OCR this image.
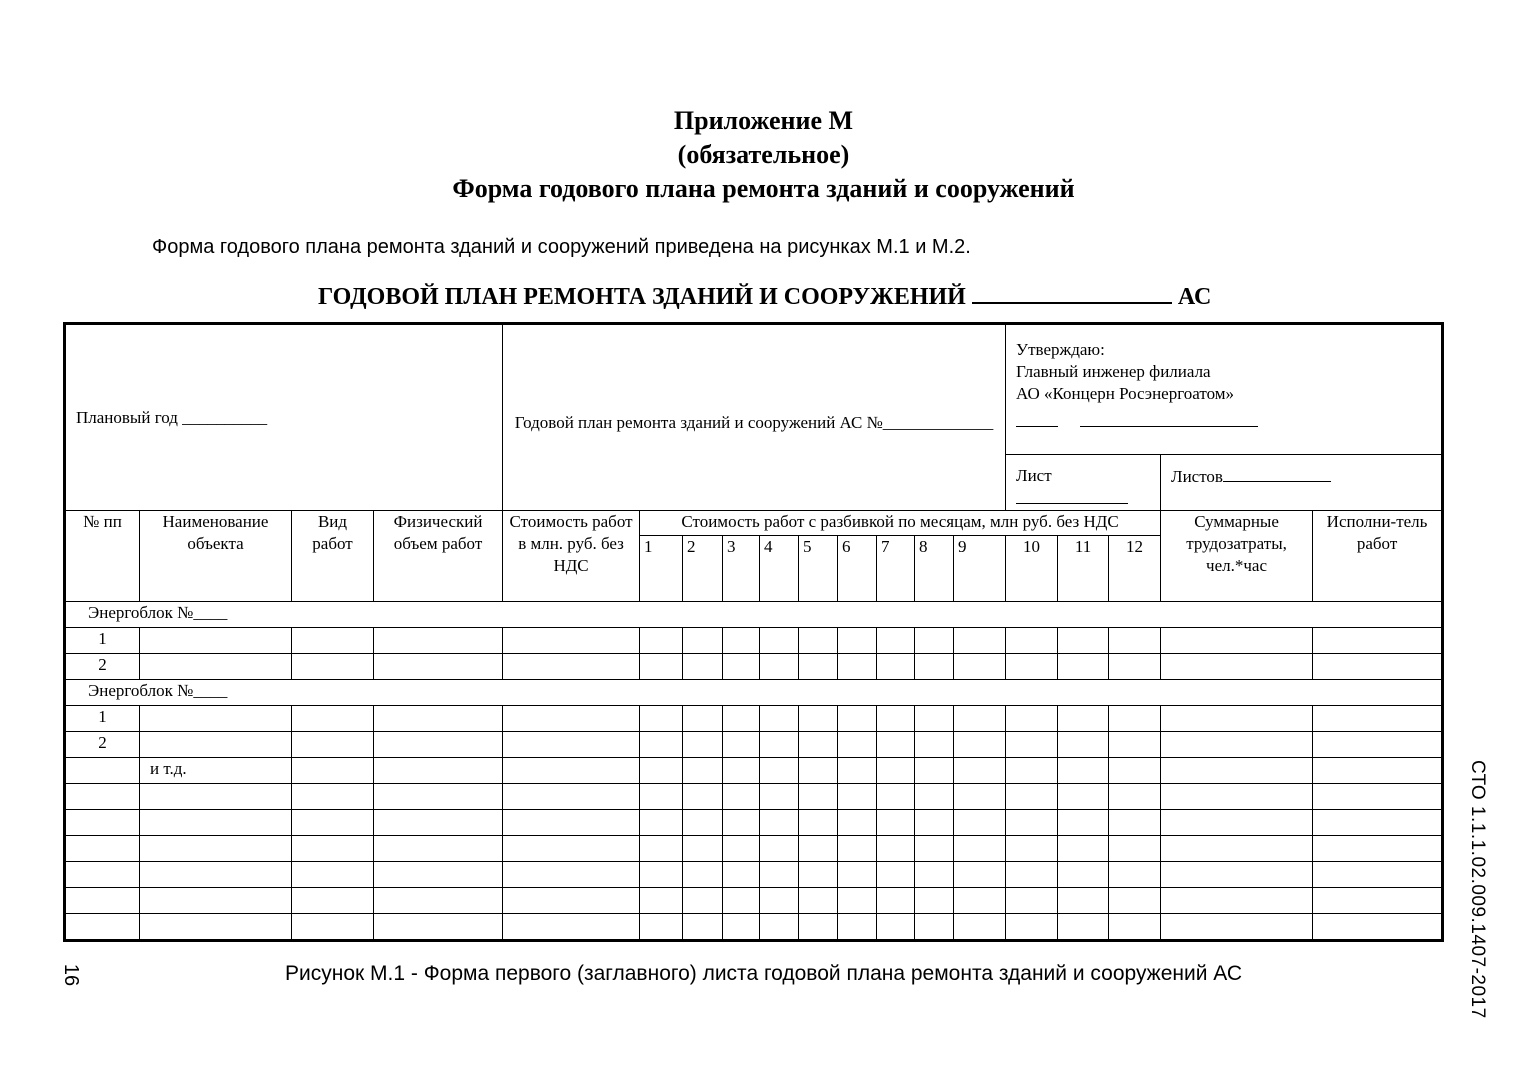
Приложение М
(обязательное)
Форма годового плана ремонта зданий и сооружений
Форма годового плана ремонта зданий и сооружений приведена на рисунках М.1 и М.2.
ГОДОВОЙ ПЛАН РЕМОНТА ЗДАНИЙ И СООРУЖЕНИЙ	АС
Плановый год __________				Годовой план ремонта зданий и сооружений АС №_____________										Утверждаю:
Главный инженер филиала
АО «Концерн Росэнергоатом»				

														Лист			Листов	
№ пп	Наименование объекта	Вид работ	Физический объем работ	Стоимость работ в млн. руб. без НДС	Стоимость работ с разбивкой по месяцам, млн руб. без НДС												Суммарные трудозатраты, чел.*час	Исполни-тель работ
					1	2	3	4	5	6	7	8	9	10	11	12		
Энергоблок №____																		
1																		
2																		
Энергоблок №____																		
1																		
2																		
	и т.д.																	

Рисунок М.1 - Форма первого (заглавного) листа годовой плана ремонта зданий и сооружений АС
16	СТО 1.1.1.02.009.1407-2017
